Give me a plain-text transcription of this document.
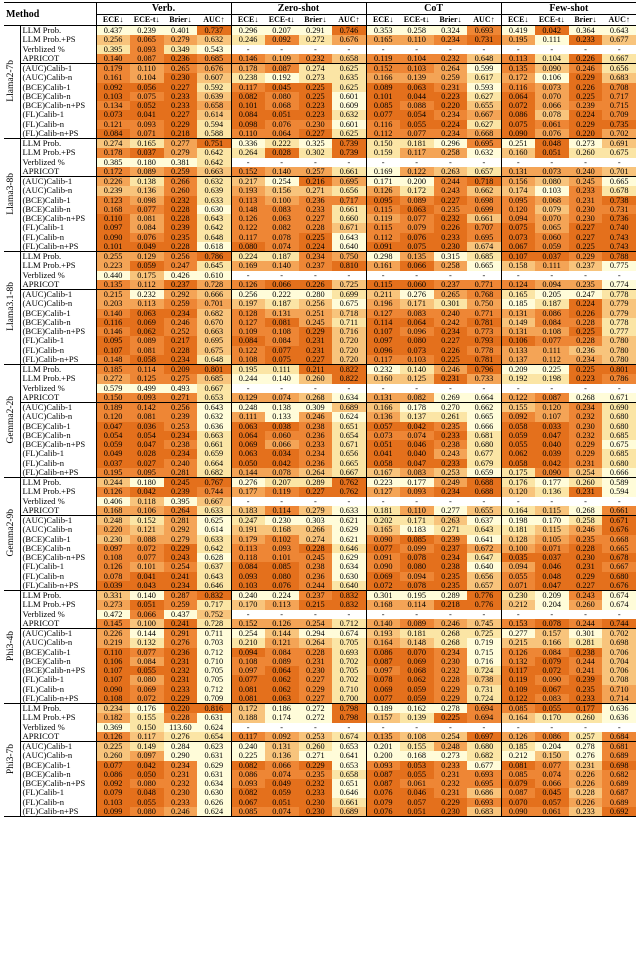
Method		Verb.				Zero-shot				CoT				Few-shot			
		ECE↓	ECE-t↓	Brier↓	AUC↑	ECE↓	ECE-t↓	Brier↓	AUC↑	ECE↓	ECE-t↓	Brier↓	AUC↑	ECE↓	ECE-t↓	Brier↓	AUC↑
Llama2-7b	LLM Prob.	0.437	0.239	0.401	0.737	0.296	0.207	0.291	0.746	0.353	0.258	0.324	0.693	0.419	0.042	0.364	0.643
	LLM Prob.+PS	0.256	0.065	0.279	0.632	0.246	0.092	0.272	0.676	0.165	0.110	0.234	0.731	0.195	0.111	0.233	0.677
	Verblized %	0.395	0.093	0.349	0.543	-	-	-	-	-	-	-	-	-	-	-	-
	APRICOT	0.140	0.087	0.236	0.685	0.146	0.109	0.232	0.658	0.119	0.104	0.232	0.648	0.113	0.104	0.226	0.667
	(AUC)Calib-1	0.179	0.110	0.265	0.676	0.178	0.087	0.274	0.625	0.152	0.103	0.264	0.599	0.135	0.090	0.246	0.656
	(AUC)Calib-n	0.161	0.104	0.230	0.607	0.238	0.192	0.273	0.635	0.166	0.139	0.259	0.617	0.172	0.106	0.229	0.683
	(BCE)Calib-1	0.092	0.056	0.227	0.592	0.117	0.045	0.225	0.625	0.089	0.063	0.231	0.593	0.116	0.073	0.226	0.708
	(BCE)Calib-n	0.103	0.075	0.233	0.639	0.082	0.080	0.225	0.601	0.101	0.044	0.223	0.627	0.064	0.070	0.225	0.717
	(BCE)Calib-n+PS	0.134	0.052	0.233	0.658	0.101	0.068	0.223	0.609	0.085	0.088	0.220	0.655	0.072	0.066	0.239	0.715
	(FL)Calib-1	0.073	0.041	0.227	0.614	0.084	0.051	0.223	0.632	0.077	0.054	0.234	0.667	0.086	0.078	0.224	0.709
	(FL)Calib-n	0.121	0.093	0.229	0.594	0.098	0.076	0.230	0.601	0.116	0.055	0.224	0.627	0.075	0.061	0.229	0.735
	(FL)Calib-n+PS	0.084	0.071	0.218	0.588	0.110	0.064	0.227	0.625	0.112	0.077	0.234	0.668	0.090	0.076	0.220	0.702
Llama3-8b	LLM Prob.	0.274	0.165	0.277	0.751	0.336	0.222	0.325	0.739	0.150	0.181	0.296	0.695	0.251	0.048	0.273	0.691
	LLM Prob.+PS	0.178	0.037	0.279	0.642	0.264	0.028	0.302	0.739	0.159	0.117	0.258	0.632	0.160	0.051	0.260	0.675
	Verblized %	0.385	0.180	0.381	0.642	-	-	-	-	-	-	-	-	-	-	-	-
	APRICOT	0.172	0.089	0.259	0.663	0.152	0.140	0.257	0.661	0.169	0.122	0.263	0.657	0.131	0.073	0.240	0.701
	(AUC)Calib-1	0.226	0.138	0.266	0.632	0.217	0.254	0.216	0.695	0.171	0.200	0.244	0.718	0.156	0.080	0.245	0.665
	(AUC)Calib-n	0.239	0.136	0.260	0.639	0.193	0.156	0.271	0.656	0.126	0.172	0.243	0.662	0.174	0.103	0.233	0.678
	(BCE)Calib-1	0.123	0.098	0.232	0.633	0.113	0.100	0.236	0.717	0.095	0.089	0.227	0.698	0.095	0.068	0.231	0.738
	(BCE)Calib-n	0.168	0.077	0.228	0.630	0.148	0.083	0.233	0.661	0.115	0.063	0.235	0.699	0.120	0.079	0.230	0.731
	(BCE)Calib-n+PS	0.110	0.081	0.228	0.643	0.126	0.063	0.227	0.660	0.119	0.077	0.232	0.661	0.094	0.070	0.230	0.736
	(FL)Calib-1	0.097	0.084	0.239	0.642	0.122	0.082	0.228	0.671	0.115	0.079	0.226	0.707	0.075	0.065	0.227	0.740
	(FL)Calib-n	0.090	0.076	0.235	0.648	0.117	0.078	0.225	0.643	0.112	0.076	0.233	0.695	0.073	0.060	0.227	0.743
	(FL)Calib-n+PS	0.101	0.049	0.228	0.618	0.080	0.074	0.224	0.640	0.091	0.075	0.230	0.674	0.067	0.059	0.225	0.743
Llama3.1-8b	LLM Prob.	0.255	0.129	0.256	0.786	0.224	0.187	0.234	0.750	0.298	0.135	0.315	0.685	0.107	0.037	0.229	0.788
	LLM Prob.+PS	0.223	0.059	0.247	0.645	0.169	0.140	0.237	0.810	0.161	0.066	0.258	0.665	0.158	0.111	0.237	0.775
	Verblized %	0.440	0.175	0.426	0.610	-	-	-	-	-	-	-	-	-	-	-	-
	APRICOT	0.135	0.112	0.237	0.728	0.126	0.066	0.226	0.725	0.115	0.060	0.237	0.771	0.124	0.094	0.235	0.774
	(AUC)Calib-1	0.215	0.232	0.292	0.666	0.256	0.222	0.280	0.699	0.211	0.276	0.265	0.768	0.165	0.205	0.247	0.778
	(AUC)Calib-n	0.203	0.113	0.259	0.701	0.197	0.187	0.256	0.675	0.196	0.171	0.301	0.750	0.185	0.187	0.224	0.779
	(BCE)Calib-1	0.140	0.063	0.234	0.682	0.128	0.131	0.251	0.718	0.127	0.083	0.240	0.771	0.131	0.086	0.226	0.779
	(BCE)Calib-n	0.116	0.069	0.246	0.670	0.127	0.081	0.245	0.711	0.114	0.064	0.242	0.781	0.149	0.084	0.228	0.778
	(BCE)Calib-n+PS	0.146	0.062	0.252	0.663	0.109	0.108	0.229	0.716	0.107	0.096	0.234	0.773	0.131	0.108	0.225	0.777
	(FL)Calib-1	0.095	0.089	0.217	0.695	0.084	0.084	0.231	0.720	0.097	0.080	0.227	0.793	0.106	0.077	0.228	0.780
	(FL)Calib-n	0.107	0.081	0.228	0.675	0.122	0.077	0.231	0.720	0.096	0.073	0.226	0.778	0.133	0.111	0.236	0.780
	(FL)Calib-n+PS	0.148	0.058	0.234	0.648	0.108	0.075	0.227	0.720	0.117	0.103	0.225	0.781	0.137	0.112	0.234	0.780
Gemma2-2b	LLM Prob.	0.185	0.114	0.209	0.801	0.195	0.111	0.211	0.822	0.232	0.140	0.246	0.796	0.209	0.225	0.225	0.801
	LLM Prob.+PS	0.272	0.125	0.275	0.685	0.244	0.140	0.260	0.822	0.160	0.125	0.231	0.733	0.192	0.198	0.223	0.786
	Verblized %	0.579	0.499	0.493	0.667	-	-	-	-	-	-	-	-	-	-	-	-
	APRICOT	0.150	0.093	0.271	0.653	0.129	0.074	0.268	0.634	0.131	0.082	0.269	0.664	0.122	0.087	0.268	0.671
	(AUC)Calib-1	0.189	0.142	0.256	0.643	0.248	0.138	0.309	0.689	0.166	0.178	0.270	0.662	0.155	0.120	0.234	0.690
	(AUC)Calib-n	0.120	0.081	0.239	0.632	0.111	0.133	0.246	0.624	0.136	0.137	0.261	0.665	0.092	0.107	0.232	0.680
	(BCE)Calib-1	0.047	0.036	0.253	0.636	0.063	0.038	0.238	0.651	0.057	0.042	0.235	0.666	0.058	0.033	0.230	0.680
	(BCE)Calib-n	0.054	0.054	0.234	0.663	0.064	0.060	0.236	0.654	0.073	0.074	0.233	0.681	0.059	0.047	0.232	0.685
	(BCE)Calib-n+PS	0.059	0.047	0.238	0.661	0.069	0.066	0.233	0.671	0.051	0.046	0.238	0.680	0.055	0.040	0.229	0.675
	(FL)Calib-1	0.049	0.028	0.234	0.659	0.063	0.034	0.234	0.656	0.041	0.040	0.243	0.677	0.062	0.039	0.229	0.685
	(FL)Calib-n	0.037	0.027	0.240	0.664	0.050	0.042	0.236	0.665	0.058	0.047	0.233	0.679	0.058	0.042	0.231	0.680
	(FL)Calib-n+PS	0.195	0.095	0.281	0.682	0.144	0.078	0.264	0.667	0.167	0.083	0.253	0.659	0.175	0.090	0.254	0.666
Gemma2-9b	LLM Prob.	0.244	0.180	0.245	0.767	0.276	0.207	0.289	0.762	0.223	0.177	0.249	0.688	0.176	0.177	0.260	0.589
	LLM Prob.+PS	0.126	0.042	0.239	0.744	0.177	0.119	0.227	0.762	0.127	0.093	0.234	0.688	0.120	0.136	0.231	0.594
	Verblized %	0.406	0.118	0.395	0.667	-	-	-	-	-	-	-	-	-	-	-	-
	APRICOT	0.168	0.106	0.264	0.633	0.183	0.114	0.279	0.633	0.181	0.110	0.277	0.655	0.164	0.115	0.268	0.661
	(AUC)Calib-1	0.248	0.152	0.281	0.625	0.247	0.230	0.303	0.621	0.202	0.171	0.263	0.637	0.198	0.170	0.258	0.671
	(AUC)Calib-n	0.220	0.121	0.292	0.614	0.191	0.168	0.266	0.629	0.165	0.183	0.271	0.643	0.181	0.115	0.246	0.676
	(BCE)Calib-1	0.230	0.088	0.279	0.633	0.179	0.102	0.274	0.621	0.090	0.085	0.239	0.641	0.128	0.105	0.235	0.668
	(BCE)Calib-n	0.097	0.072	0.229	0.642	0.113	0.093	0.228	0.646	0.077	0.099	0.237	0.672	0.100	0.071	0.228	0.665
	(BCE)Calib-n+PS	0.108	0.077	0.243	0.628	0.118	0.101	0.245	0.629	0.091	0.078	0.234	0.647	0.035	0.037	0.230	0.678
	(FL)Calib-1	0.126	0.101	0.254	0.637	0.084	0.085	0.238	0.634	0.090	0.080	0.238	0.640	0.094	0.046	0.231	0.667
	(FL)Calib-n	0.078	0.041	0.241	0.643	0.093	0.080	0.236	0.630	0.069	0.094	0.235	0.656	0.055	0.048	0.229	0.680
	(FL)Calib-n+PS	0.039	0.043	0.234	0.646	0.103	0.076	0.244	0.640	0.072	0.078	0.235	0.657	0.071	0.047	0.227	0.676
Phi3-4b	LLM Prob.	0.331	0.140	0.287	0.832	0.240	0.224	0.237	0.832	0.301	0.195	0.289	0.776	0.230	0.209	0.243	0.674
	LLM Prob.+PS	0.273	0.051	0.259	0.717	0.170	0.113	0.215	0.832	0.168	0.114	0.218	0.776	0.212	0.204	0.260	0.674
	Verblized %	0.472	0.066	0.437	0.752	-	-	-	-	-	-	-	-	-	-	-	-
	APRICOT	0.145	0.100	0.241	0.728	0.152	0.126	0.254	0.712	0.140	0.089	0.246	0.745	0.153	0.078	0.244	0.744
	(AUC)Calib-1	0.226	0.144	0.291	0.711	0.254	0.144	0.294	0.674	0.193	0.181	0.268	0.725	0.277	0.157	0.301	0.702
	(AUC)Calib-n	0.219	0.132	0.276	0.703	0.210	0.121	0.264	0.705	0.164	0.148	0.268	0.719	0.215	0.166	0.281	0.698
	(BCE)Calib-1	0.110	0.077	0.236	0.712	0.094	0.084	0.228	0.693	0.086	0.070	0.234	0.715	0.126	0.084	0.238	0.706
	(BCE)Calib-n	0.106	0.084	0.231	0.710	0.108	0.089	0.231	0.702	0.087	0.069	0.230	0.716	0.132	0.079	0.244	0.704
	(BCE)Calib-n+PS	0.107	0.055	0.232	0.705	0.097	0.064	0.230	0.705	0.097	0.068	0.232	0.724	0.117	0.072	0.241	0.706
	(FL)Calib-1	0.107	0.080	0.231	0.705	0.077	0.062	0.227	0.702	0.078	0.062	0.228	0.738	0.119	0.090	0.239	0.708
	(FL)Calib-n	0.090	0.069	0.233	0.712	0.081	0.062	0.229	0.710	0.069	0.059	0.229	0.731	0.109	0.067	0.235	0.710
	(FL)Calib-n+PS	0.108	0.072	0.229	0.709	0.081	0.063	0.227	0.700	0.077	0.059	0.229	0.724	0.122	0.083	0.233	0.714
Phi3-7b	LLM Prob.	0.234	0.176	0.220	0.816	0.172	0.186	0.272	0.798	0.189	0.162	0.278	0.694	0.085	0.055	0.177	0.636
	LLM Prob.+PS	0.182	0.155	0.228	0.631	0.188	0.174	0.272	0.798	0.157	0.139	0.225	0.694	0.164	0.170	0.260	0.636
	Verblized %	0.369	0.150	113.60	0.624	-	-	-	-	-	-	-	-	-	-	-	-
	APRICOT	0.126	0.117	0.276	0.654	0.117	0.092	0.253	0.674	0.135	0.108	0.254	0.697	0.126	0.086	0.257	0.684
	(AUC)Calib-1	0.225	0.149	0.284	0.623	0.240	0.131	0.260	0.653	0.201	0.155	0.248	0.680	0.185	0.204	0.278	0.681
	(AUC)Calib-n	0.260	0.097	0.290	0.631	0.225	0.136	0.271	0.641	0.200	0.168	0.273	0.682	0.212	0.150	0.276	0.689
	(BCE)Calib-1	0.077	0.042	0.234	0.629	0.082	0.066	0.229	0.653	0.093	0.053	0.233	0.677	0.081	0.077	0.231	0.698
	(BCE)Calib-n	0.086	0.050	0.231	0.631	0.086	0.074	0.235	0.658	0.087	0.055	0.231	0.693	0.085	0.074	0.226	0.682
	(BCE)Calib-n+PS	0.092	0.080	0.232	0.634	0.093	0.049	0.232	0.651	0.087	0.061	0.232	0.695	0.079	0.066	0.226	0.689
	(FL)Calib-1	0.079	0.048	0.230	0.630	0.082	0.059	0.233	0.646	0.076	0.046	0.231	0.686	0.087	0.045	0.228	0.687
	(FL)Calib-n	0.103	0.055	0.233	0.626	0.067	0.051	0.230	0.661	0.079	0.057	0.229	0.693	0.070	0.057	0.226	0.689
	(FL)Calib-n+PS	0.099	0.080	0.246	0.624	0.085	0.074	0.230	0.689	0.076	0.051	0.230	0.683	0.090	0.061	0.233	0.692
